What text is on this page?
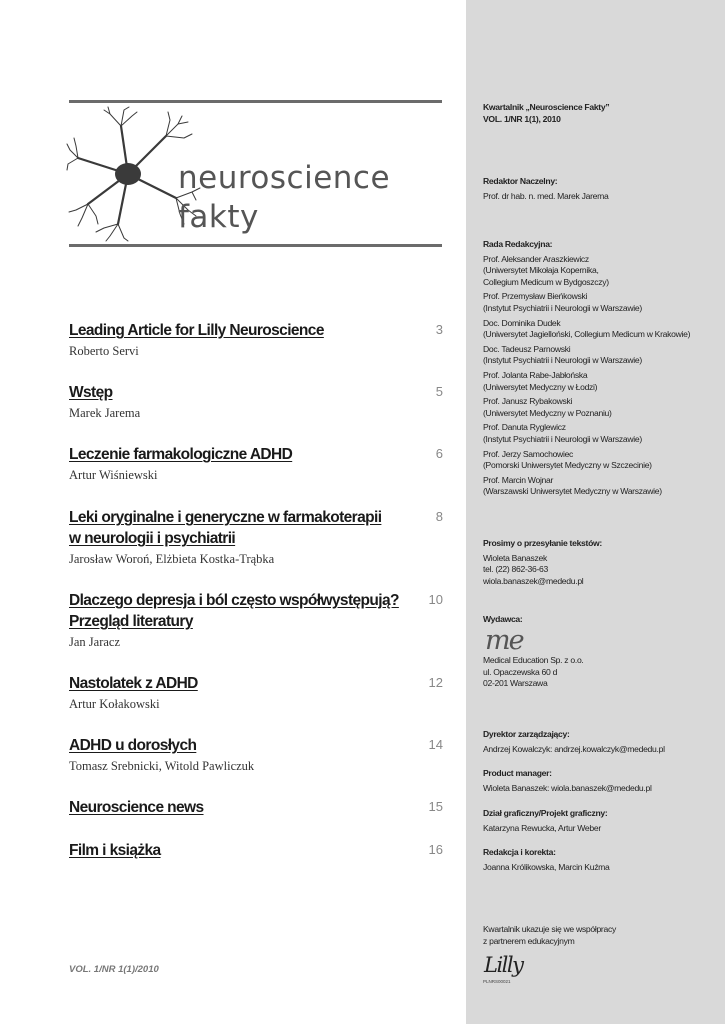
neuroscience
fakty
Leading Article for Lilly Neuroscience
Roberto Servi
3
Wstęp
Marek Jarema
5
Leczenie farmakologiczne ADHD
Artur Wiśniewski
6
Leki oryginalne i generyczne w farmakoterapii
w neurologii i psychiatrii
Jarosław Woroń, Elżbieta Kostka-Trąbka
8
Dlaczego depresja i ból często współwystępują?
Przegląd literatury
Jan Jaracz
10
Nastolatek z ADHD
Artur Kołakowski
12
ADHD u dorosłych
Tomasz Srebnicki, Witold Pawliczuk
14
Neuroscience news	15
Film i książka	16
VOL. 1/NR 1(1)/2010
Kwartalnik „Neuroscience Fakty”
VOL. 1/NR 1(1), 2010
Redaktor Naczelny:
Prof. dr hab. n. med. Marek Jarema
Rada Redakcyjna:
Prof. Aleksander Araszkiewicz
(Uniwersytet Mikołaja Kopernika,
Collegium Medicum w Bydgoszczy)
Prof. Przemysław Bieńkowski
(Instytut Psychiatrii i Neurologii w Warszawie)
Doc. Dominika Dudek
(Uniwersytet Jagielloński, Collegium Medicum w Krakowie)
Doc. Tadeusz Parnowski
(Instytut Psychiatrii i Neurologii w Warszawie)
Prof. Jolanta Rabe-Jabłońska
(Uniwersytet Medyczny w Łodzi)
Prof. Janusz Rybakowski
(Uniwersytet Medyczny w Poznaniu)
Prof. Danuta Ryglewicz
(Instytut Psychiatrii i Neurologii w Warszawie)
Prof. Jerzy Samochowiec
(Pomorski Uniwersytet Medyczny w Szczecinie)
Prof. Marcin Wojnar
(Warszawski Uniwersytet Medyczny w Warszawie)
Prosimy o przesyłanie tekstów:
Wioleta Banaszek
tel. (22) 862-36-63
wiola.banaszek@mededu.pl
Wydawca:
me
Medical Education Sp. z o.o.
ul. Opaczewska 60 d
02-201 Warszawa
Dyrektor zarządzający:
Andrzej Kowalczyk: andrzej.kowalczyk@mededu.pl
Product manager:
Wioleta Banaszek: wiola.banaszek@mededu.pl
Dział graficzny/Projekt graficzny:
Katarzyna Rewucka, Artur Weber
Redakcja i korekta:
Joanna Królikowska, Marcin Kuźma
Kwartalnik ukazuje się we współpracy
z partnerem edukacyjnym
Lilly
PLNRS00021
